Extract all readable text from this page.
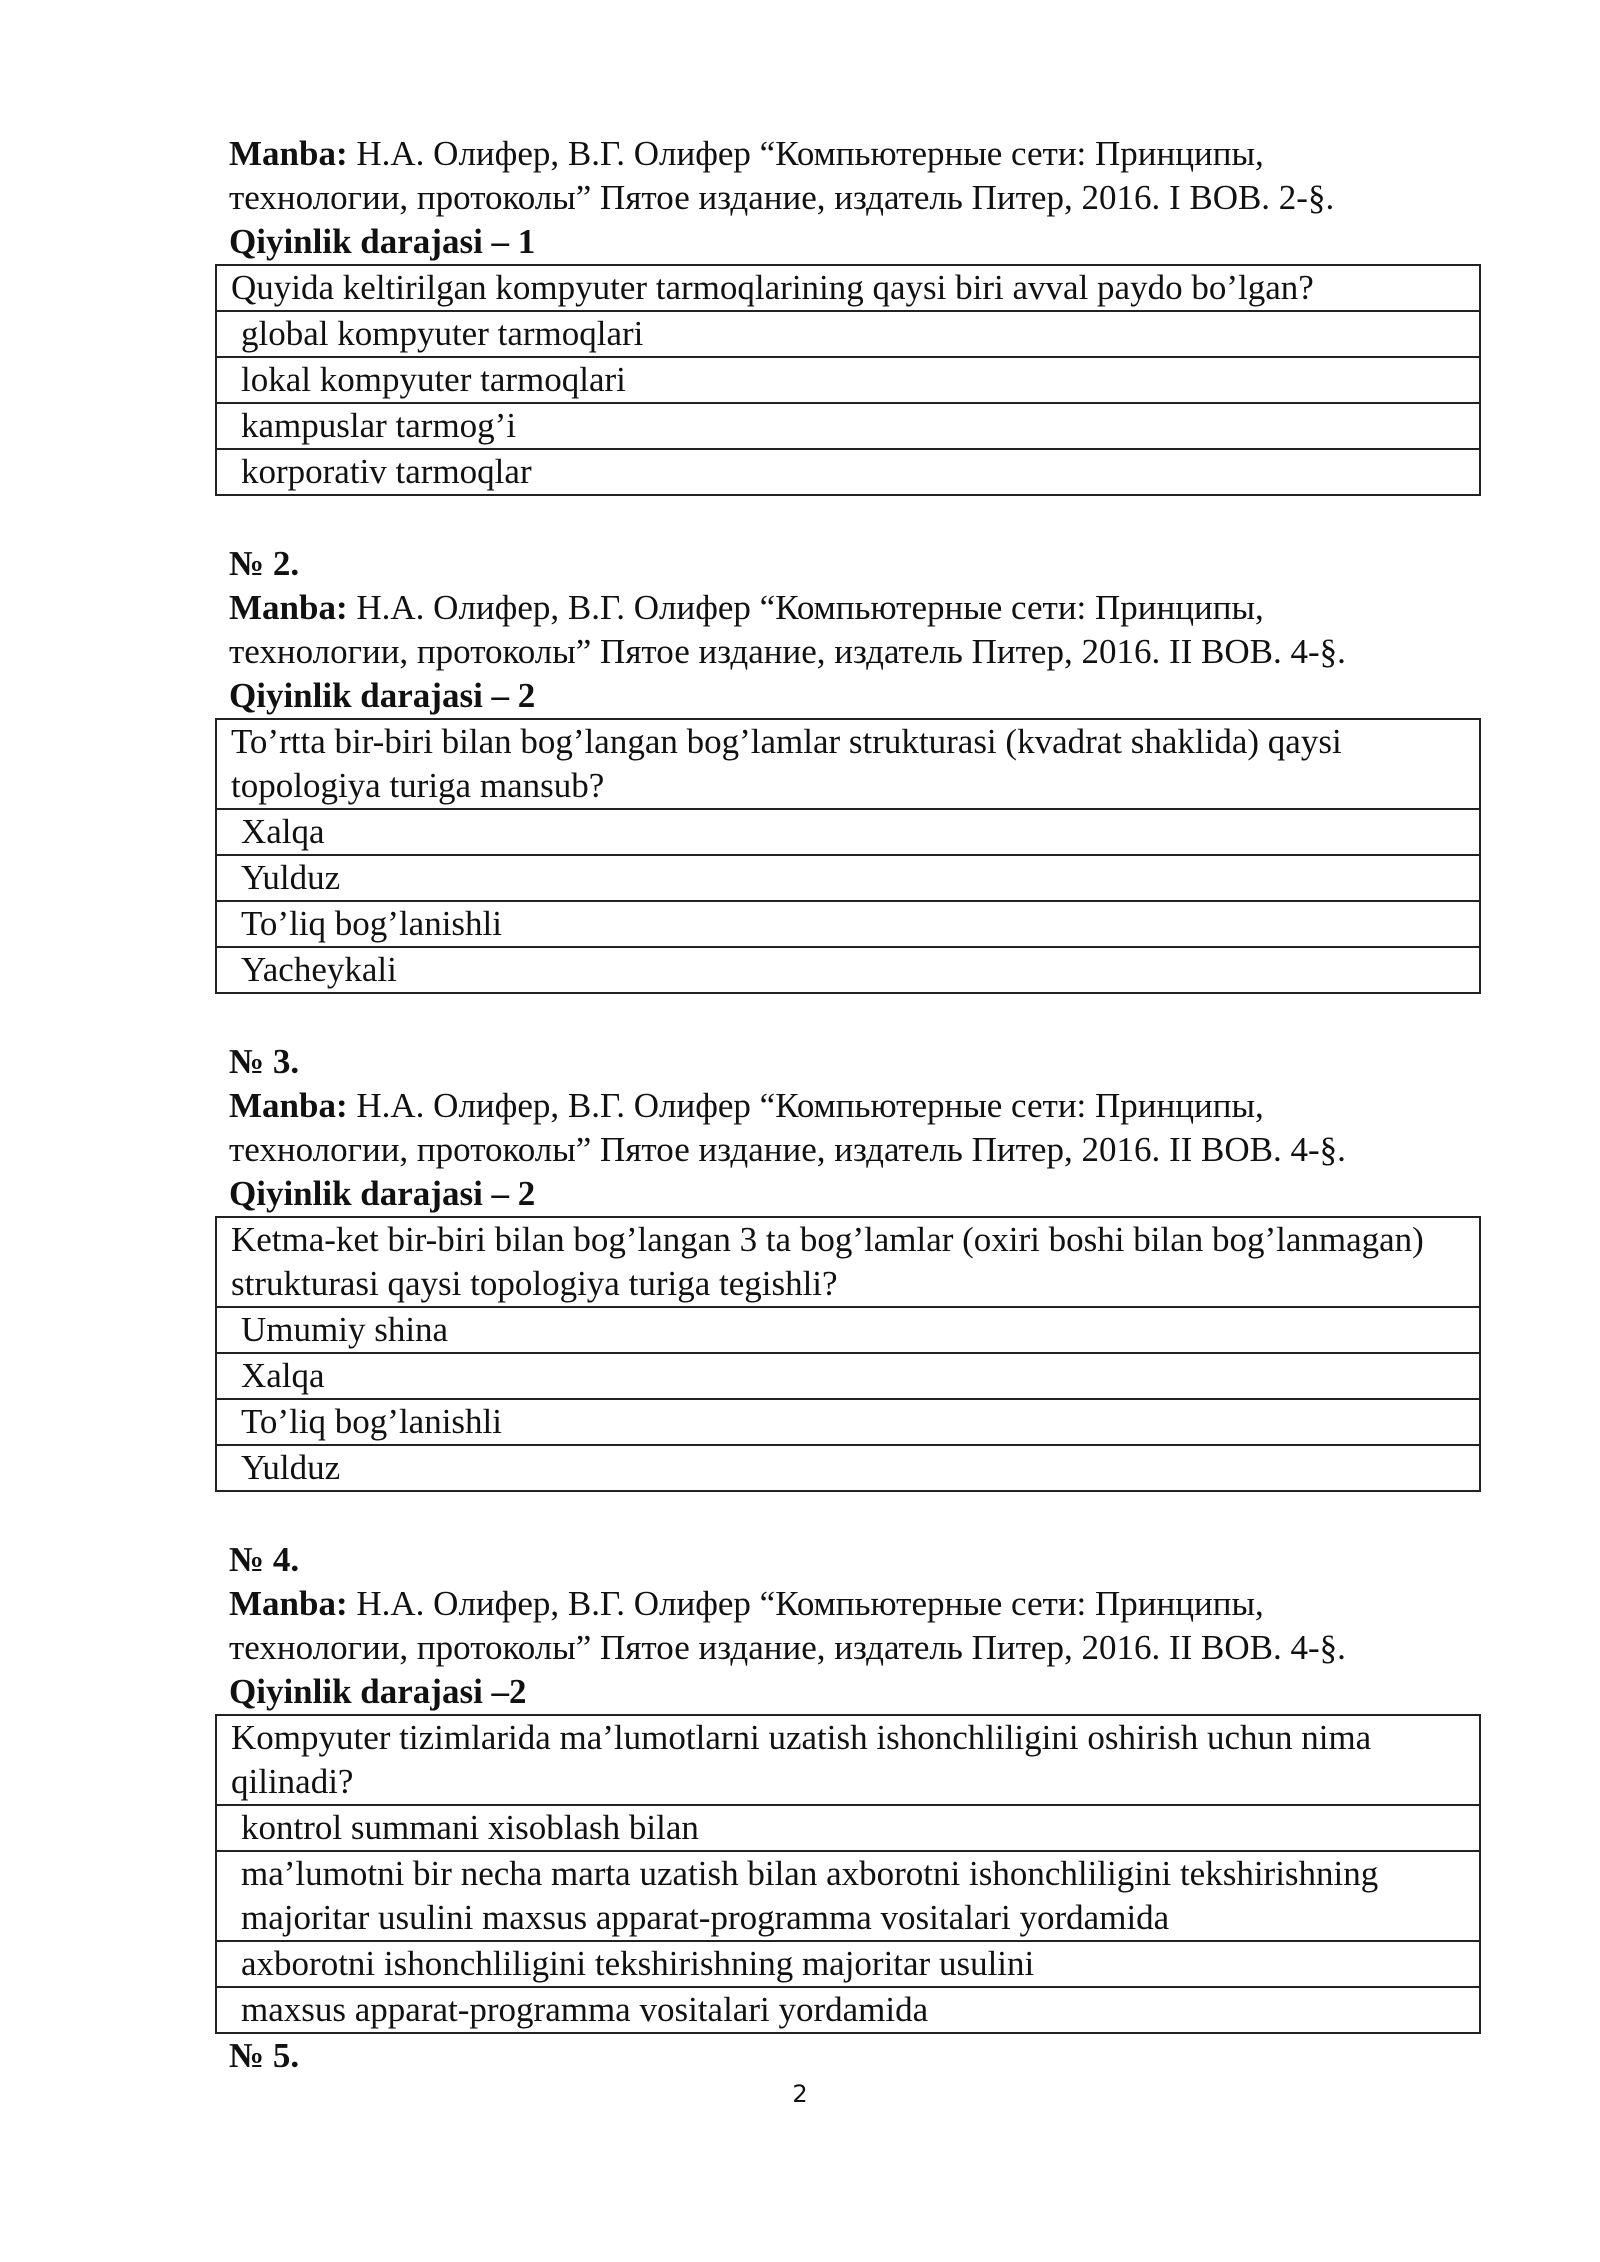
Manba: Н.А. Олифер, В.Г. Олифер “Компьютерные сети: Принципы,

технологии, протоколы” Пятое издание, издатель Питер, 2016. I BOB. 2-§.

Qiyinlik darajasi – 1

Quyida keltirilgan kompyuter tarmoqlarining qaysi biri avval paydo bo’lgan?
global kompyuter tarmoqlari
lokal kompyuter tarmoqlari
kampuslar tarmog’i
korporativ tarmoqlar

№ 2.

Manba: Н.А. Олифер, В.Г. Олифер “Компьютерные сети: Принципы,

технологии, протоколы” Пятое издание, издатель Питер, 2016. II BOB. 4-§.

Qiyinlik darajasi – 2

To’rtta bir-biri bilan bog’langan bog’lamlar strukturasi (kvadrat shaklida) qaysi topologiya turiga mansub?
Xalqa
Yulduz
To’liq bog’lanishli
Yacheykali

№ 3.

Manba: Н.А. Олифер, В.Г. Олифер “Компьютерные сети: Принципы,

технологии, протоколы” Пятое издание, издатель Питер, 2016. II BOB. 4-§.

Qiyinlik darajasi – 2

Ketma-ket bir-biri bilan bog’langan 3 ta bog’lamlar (oxiri boshi bilan bog’lanmagan) strukturasi qaysi topologiya turiga tegishli?
Umumiy shina
Xalqa
To’liq bog’lanishli
Yulduz

№ 4.

Manba: Н.А. Олифер, В.Г. Олифер “Компьютерные сети: Принципы,

технологии, протоколы” Пятое издание, издатель Питер, 2016. II BOB. 4-§.

Qiyinlik darajasi –2

Kompyuter tizimlarida ma’lumotlarni uzatish ishonchliligini oshirish uchun nima qilinadi?
kontrol summani xisoblash bilan
ma’lumotni bir necha marta uzatish bilan axborotni ishonchliligini tekshirishning majoritar usulini maxsus apparat-programma vositalari yordamida
axborotni ishonchliligini tekshirishning majoritar usulini
maxsus apparat-programma vositalari yordamida

№ 5.

2
